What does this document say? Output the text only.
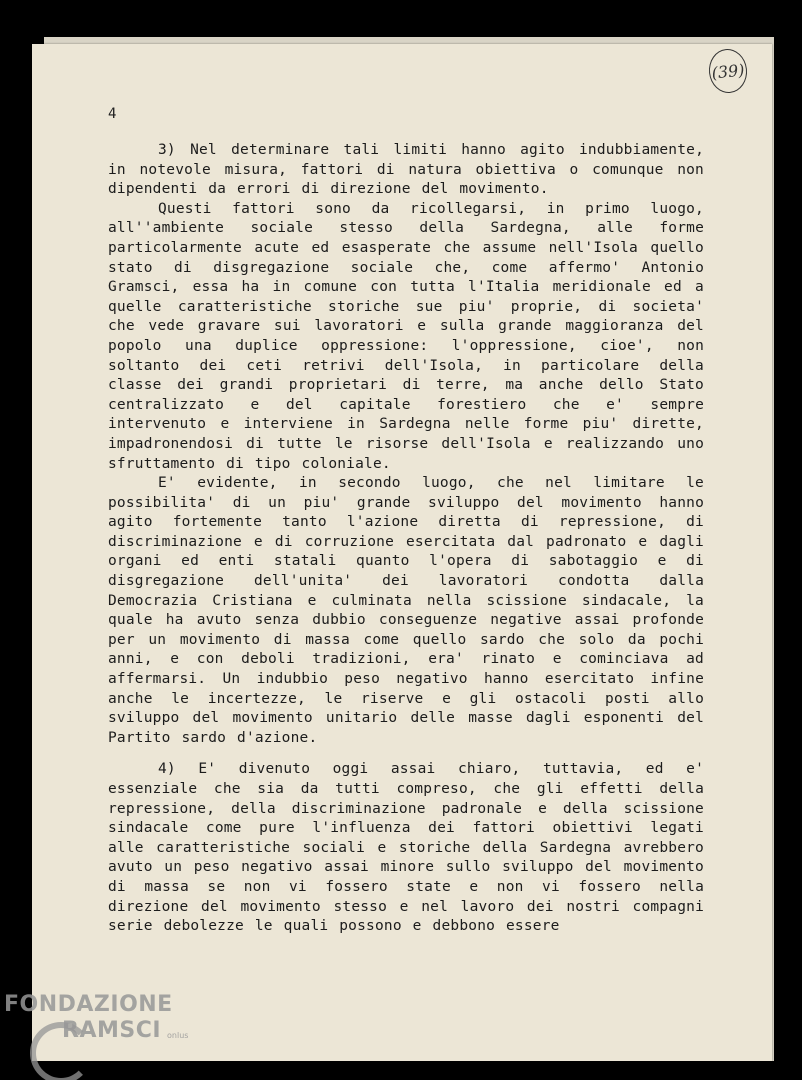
(39)
4

3) Nel determinare tali limiti hanno agito indubbiamente, in notevole misura, fattori di natura obiettiva o comunque non dipendenti da errori di direzione del movimento.

Questi fattori sono da ricollegarsi, in primo luogo, all''ambiente sociale stesso della Sardegna, alle forme particolarmente acute ed esasperate che assume nell'Isola quello stato di disgregazione sociale che, come affermo' Antonio Gramsci, essa ha in comune con tutta l'Italia meridionale ed a quelle caratteristiche storiche sue piu' proprie, di societa' che vede gravare sui lavoratori e sulla grande maggioranza del popolo una duplice oppressione: l'oppressione, cioe', non soltanto dei ceti retrivi dell'Isola, in particolare della classe dei grandi proprietari di terre, ma anche dello Stato centralizzato e del capitale forestiero che e' sempre intervenuto e interviene in Sardegna nelle forme piu' dirette, impadronendosi di tutte le risorse dell'Isola e realizzando uno sfruttamento di tipo coloniale.

E' evidente, in secondo luogo, che nel limitare le possibilita' di un piu' grande sviluppo del movimento hanno agito fortemente tanto l'azione diretta di repressione, di discriminazione e di corruzione esercitata dal padronato e dagli organi ed enti statali quanto l'opera di sabotaggio e di disgregazione dell'unita' dei lavoratori condotta dalla Democrazia Cristiana e culminata nella scissione sindacale, la quale ha avuto senza dubbio conseguenze negative assai profonde per un movimento di massa come quello sardo che solo da pochi anni, e con deboli tradizioni, era' rinato e cominciava ad affermarsi. Un indubbio peso negativo hanno esercitato infine anche le incertezze, le riserve e gli ostacoli posti allo sviluppo del movimento unitario delle masse dagli esponenti del Partito sardo d'azione.

4) E' divenuto oggi assai chiaro, tuttavia, ed e' essenziale che sia da tutti compreso, che gli effetti della repressione, della discriminazione padronale e della scissione sindacale come pure l'influenza dei fattori obiettivi legati alle caratteristiche sociali e storiche della Sardegna avrebbero avuto un peso negativo assai minore sullo sviluppo del movimento di massa se non vi fossero state e non vi fossero nella direzione del movimento stesso e nel lavoro dei nostri compagni serie debolezze le quali possono e debbono essere

FONDAZIONE
RAMSCI onlus
